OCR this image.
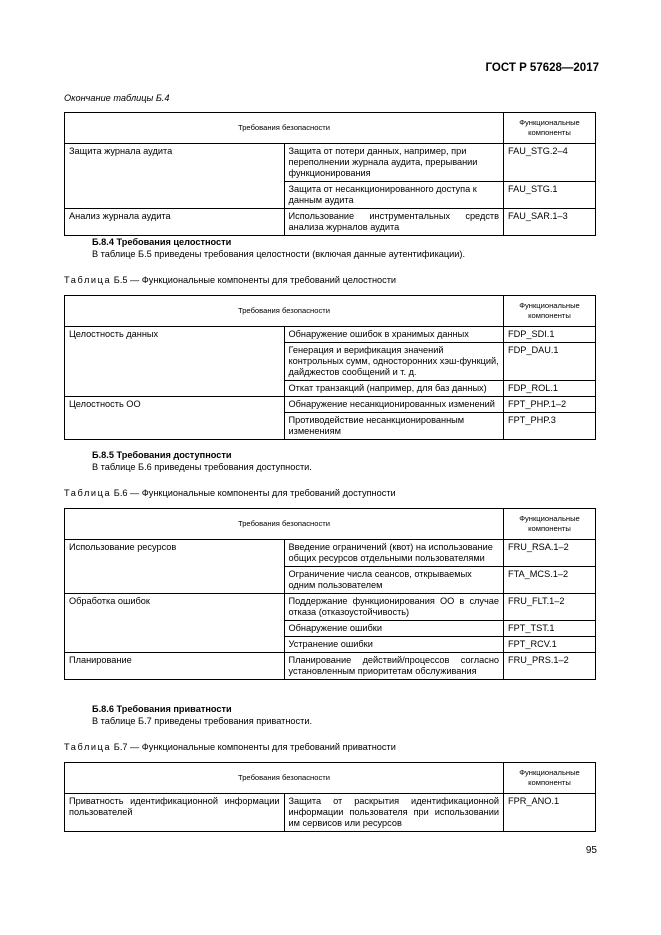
ГОСТ Р 57628—2017
Окончание таблицы Б.4
Требования безопасности		Функциональные компоненты
Защита журнала аудита	Защита от потери данных, например, при переполнении журнала аудита, прерывании функционирования	FAU_STG.2–4
	Защита от несанкционированного доступа к данным аудита	FAU_STG.1
Анализ журнала аудита	Использование инструментальных средств анализа журналов аудита	FAU_SAR.1–3
Б.8.4 Требования целостности
В таблице Б.5 приведены требования целостности (включая данные аутентификации).
Таблица Б.5 — Функциональные компоненты для требований целостности
Требования безопасности		Функциональные компоненты
Целостность данных	Обнаружение ошибок в хранимых данных	FDP_SDI.1
	Генерация и верификация значений контрольных сумм, односторонних хэш-функций, дайджестов сообщений и т. д.	FDP_DAU.1
	Откат транзакций (например, для баз данных)	FDP_ROL.1
Целостность ОО	Обнаружение несанкционированных изменений	FPT_PHP.1–2
	Противодействие несанкционированным изменениям	FPT_PHP.3
Б.8.5 Требования доступности
В таблице Б.6 приведены требования доступности.
Таблица Б.6 — Функциональные компоненты для требований доступности
Требования безопасности		Функциональные компоненты
Использование ресурсов	Введение ограничений (квот) на использование общих ресурсов отдельными пользователями	FRU_RSA.1–2
	Ограничение числа сеансов, открываемых одним пользователем	FTA_MCS.1–2
Обработка ошибок	Поддержание функционирования ОО в случае отказа (отказоустойчивость)	FRU_FLT.1–2
	Обнаружение ошибки	FPT_TST.1
	Устранение ошибки	FPT_RCV.1
Планирование	Планирование действий/процессов согласно установленным приоритетам обслуживания	FRU_PRS.1–2
Б.8.6 Требования приватности
В таблице Б.7 приведены требования приватности.
Таблица Б.7 — Функциональные компоненты для требований приватности
Требования безопасности		Функциональные компоненты
Приватность идентификационной информации пользователей	Защита от раскрытия идентификационной информации пользователя при использовании им сервисов или ресурсов	FPR_ANO.1
95
